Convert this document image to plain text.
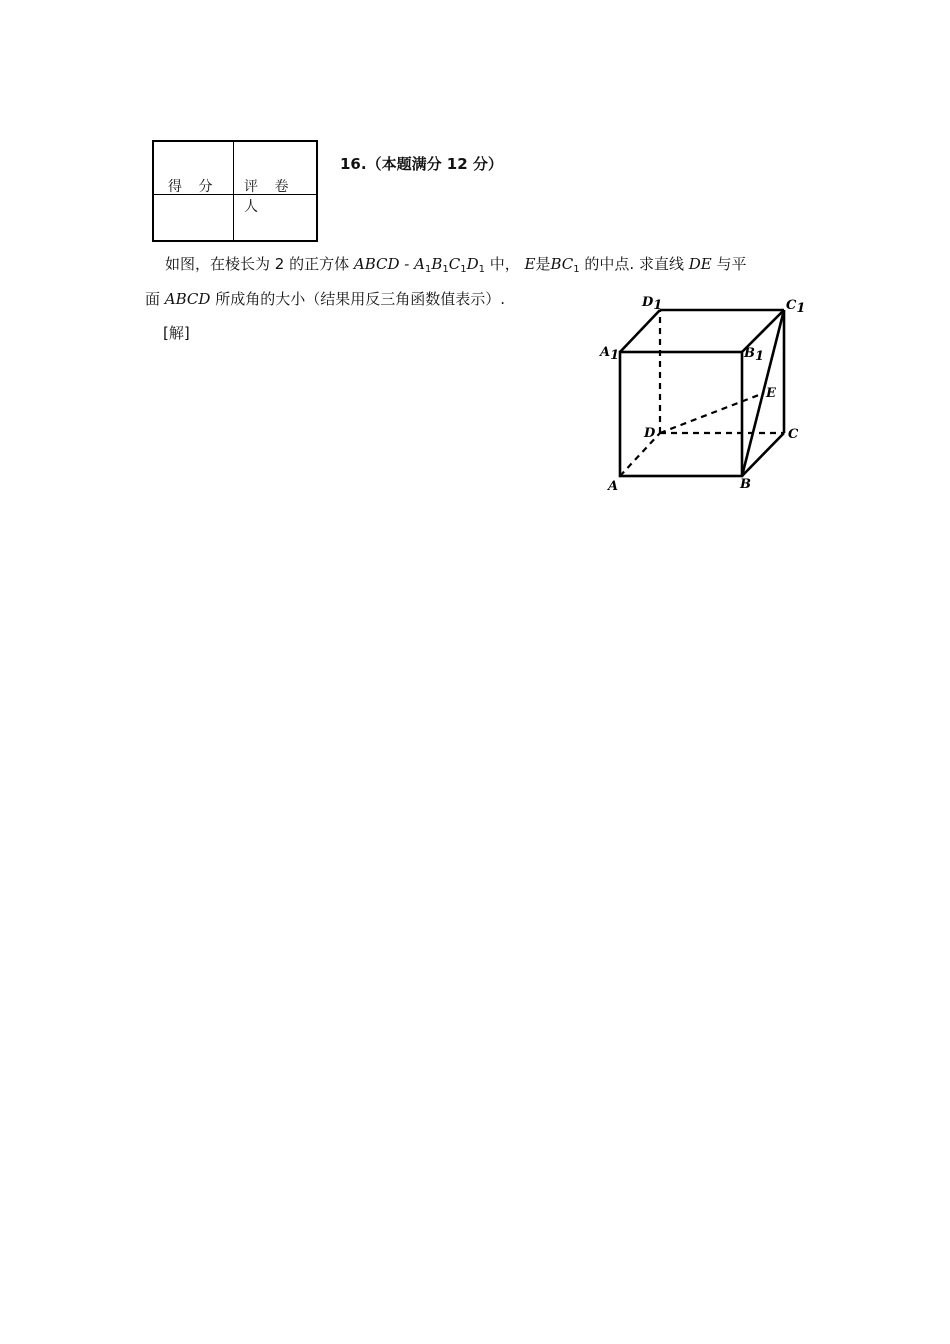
得 分 评 卷 人
16.（本题满分 12 分）
如图，在棱长为 2 的正方体 ABCD - $A_1B_1C_1D_1$ 中， E是$BC_1$ 的中点. 求直线 DE 与平
面 ABCD 所成角的大小（结果用反三角函数值表示）.
[解]
D1	C1
A1	B1
E
D	C
A	B
